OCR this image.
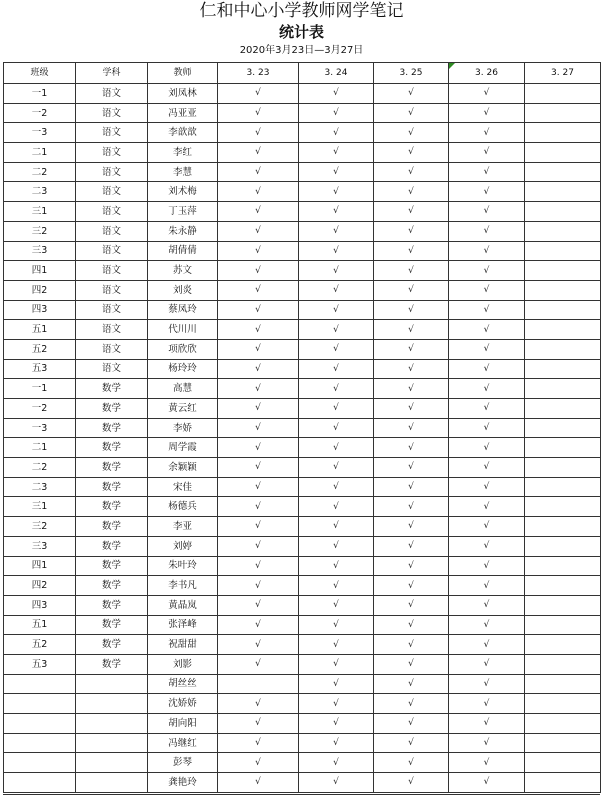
仁和中心小学教师网学笔记
统计表
2020年3月23日—3月27日
班级	学科	教师	3. 23	3. 24	3. 25	3. 26	3. 27
一1	语文	刘凤林	√	√	√	√	
一2	语文	冯亚亚	√	√	√	√	
一3	语文	李歆歆	√	√	√	√	
二1	语文	李红	√	√	√	√	
二2	语文	李慧	√	√	√	√	
二3	语文	刘术梅	√	√	√	√	
三1	语文	丁玉萍	√	√	√	√	
三2	语文	朱永静	√	√	√	√	
三3	语文	胡倩倩	√	√	√	√	
四1	语文	苏文	√	√	√	√	
四2	语文	刘炎	√	√	√	√	
四3	语文	蔡凤玲	√	√	√	√	
五1	语文	代川川	√	√	√	√	
五2	语文	项欣欣	√	√	√	√	
五3	语文	杨玲玲	√	√	√	√	
一1	数学	高慧	√	√	√	√	
一2	数学	黄云红	√	√	√	√	
一3	数学	李娇	√	√	√	√	
二1	数学	周学霞	√	√	√	√	
二2	数学	余颖颖	√	√	√	√	
二3	数学	宋佳	√	√	√	√	
三1	数学	杨德兵	√	√	√	√	
三2	数学	李亚	√	√	√	√	
三3	数学	刘婷	√	√	√	√	
四1	数学	朱叶玲	√	√	√	√	
四2	数学	李书凡	√	√	√	√	
四3	数学	黄晶岚	√	√	√	√	
五1	数学	张泽峰	√	√	√	√	
五2	数学	祝甜甜	√	√	√	√	
五3	数学	刘影	√	√	√	√	
		胡丝丝		√	√	√	
		沈娇娇	√	√	√	√	
		胡向阳	√	√	√	√	
		冯继红	√	√	√	√	
		彭琴	√	√	√	√	
		龚艳玲	√	√	√	√	
